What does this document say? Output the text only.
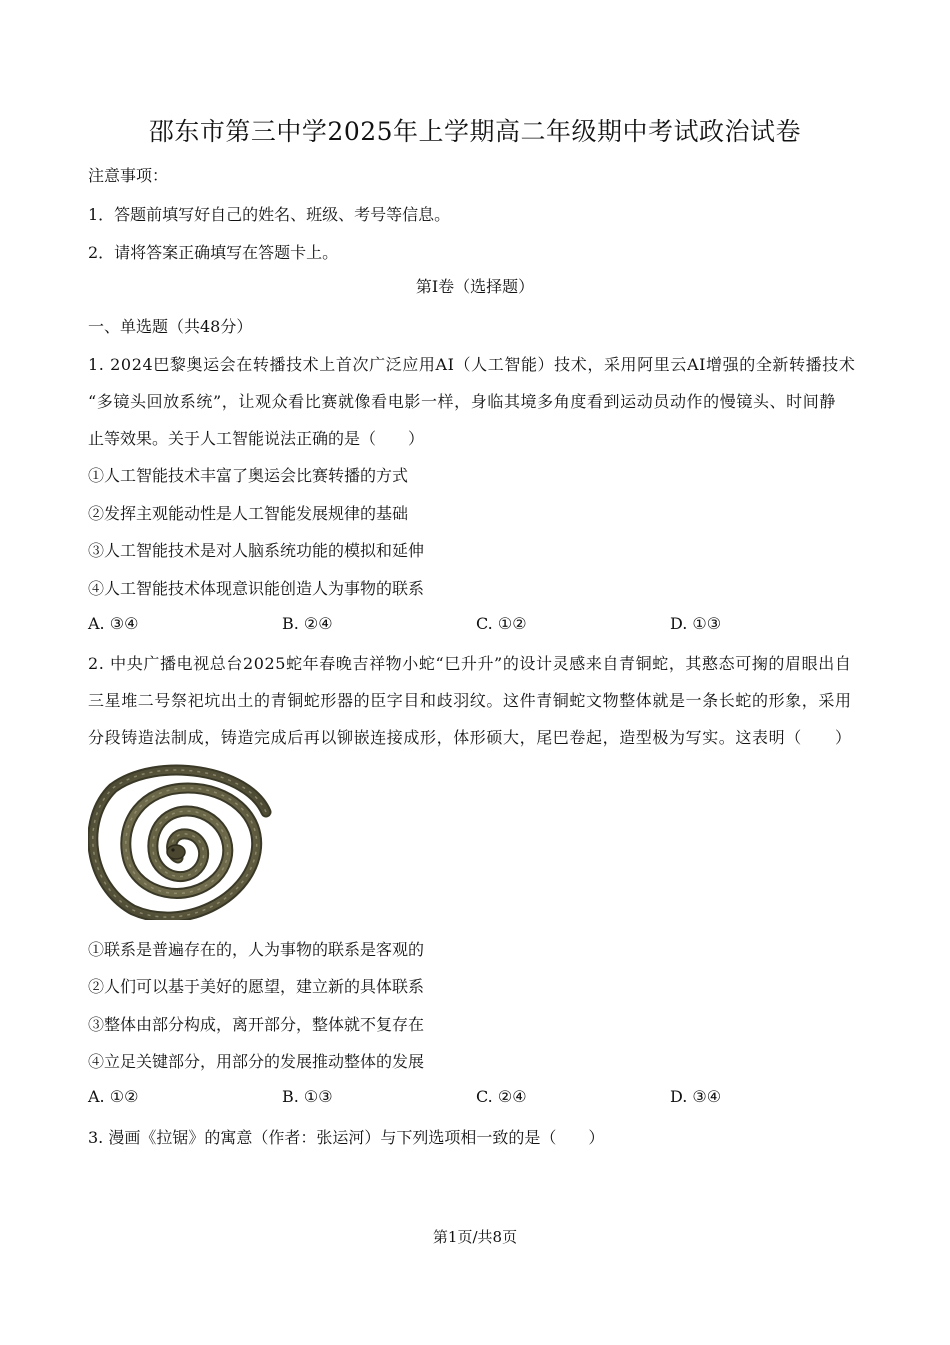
邵东市第三中学2025年上学期高二年级期中考试政治试卷
注意事项：
1．答题前填写好自己的姓名、班级、考号等信息。
2．请将答案正确填写在答题卡上。
第I卷（选择题）
一、单选题（共48分）
1. 2024巴黎奥运会在转播技术上首次广泛应用AI（人工智能）技术，采用阿里云AI增强的全新转播技术
“多镜头回放系统”，让观众看比赛就像看电影一样，身临其境多角度看到运动员动作的慢镜头、时间静
止等效果。关于人工智能说法正确的是（　　）
①人工智能技术丰富了奥运会比赛转播的方式
②发挥主观能动性是人工智能发展规律的基础
③人工智能技术是对人脑系统功能的模拟和延伸
④人工智能技术体现意识能创造人为事物的联系
A. ③④	B. ②④	C. ①②	D. ①③
2. 中央广播电视总台2025蛇年春晚吉祥物小蛇“巳升升”的设计灵感来自青铜蛇，其憨态可掬的眉眼出自
三星堆二号祭祀坑出土的青铜蛇形器的臣字目和歧羽纹。这件青铜蛇文物整体就是一条长蛇的形象，采用
分段铸造法制成，铸造完成后再以铆嵌连接成形，体形硕大，尾巴卷起，造型极为写实。这表明（　　）
①联系是普遍存在的，人为事物的联系是客观的
②人们可以基于美好的愿望，建立新的具体联系
③整体由部分构成，离开部分，整体就不复存在
④立足关键部分，用部分的发展推动整体的发展
A. ①②	B. ①③	C. ②④	D. ③④
3. 漫画《拉锯》的寓意（作者：张运河）与下列选项相一致的是（　　）
第1页/共8页
